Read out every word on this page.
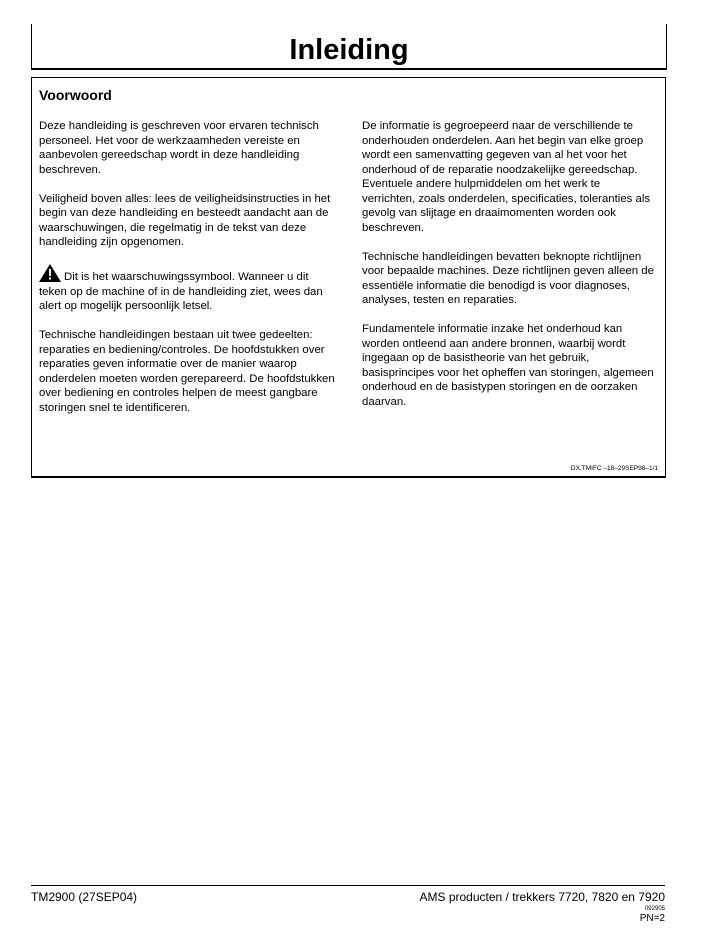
Inleiding
Voorwoord

Deze handleiding is geschreven voor ervaren technisch personeel. Het voor de werkzaamheden vereiste en aanbevolen gereedschap wordt in deze handleiding beschreven.

Veiligheid boven alles: lees de veiligheidsinstructies in het begin van deze handleiding en besteedt aandacht aan de waarschuwingen, die regelmatig in de tekst van deze handleiding zijn opgenomen.

Dit is het waarschuwingssymbool. Wanneer u dit teken op de machine of in de handleiding ziet, wees dan alert op mogelijk persoonlijk letsel.

Technische handleidingen bestaan uit twee gedeelten: reparaties en bediening/controles. De hoofdstukken over reparaties geven informatie over de manier waarop onderdelen moeten worden gerepareerd. De hoofdstukken over bediening en controles helpen de meest gangbare storingen snel te identificeren.

De informatie is gegroepeerd naar de verschillende te onderhouden onderdelen. Aan het begin van elke groep wordt een samenvatting gegeven van al het voor het onderhoud of de reparatie noodzakelijke gereedschap. Eventuele andere hulpmiddelen om het werk te verrichten, zoals onderdelen, specificaties, toleranties als gevolg van slijtage en draaimomenten worden ook beschreven.

Technische handleidingen bevatten beknopte richtlijnen voor bepaalde machines. Deze richtlijnen geven alleen de essentiële informatie die benodigd is voor diagnoses, analyses, testen en reparaties.

Fundamentele informatie inzake het onderhoud kan worden ontleend aan andere bronnen, waarbij wordt ingegaan op de basistheorie van het gebruik, basisprincipes voor het opheffen van storingen, algemeen onderhoud en de basistypen storingen en de oorzaken daarvan.

DX,TMIFC –18–29SEP98–1/1
TM2900 (27SEP04)	AMS producten / trekkers 7720, 7820 en 7920
092905
PN=2
